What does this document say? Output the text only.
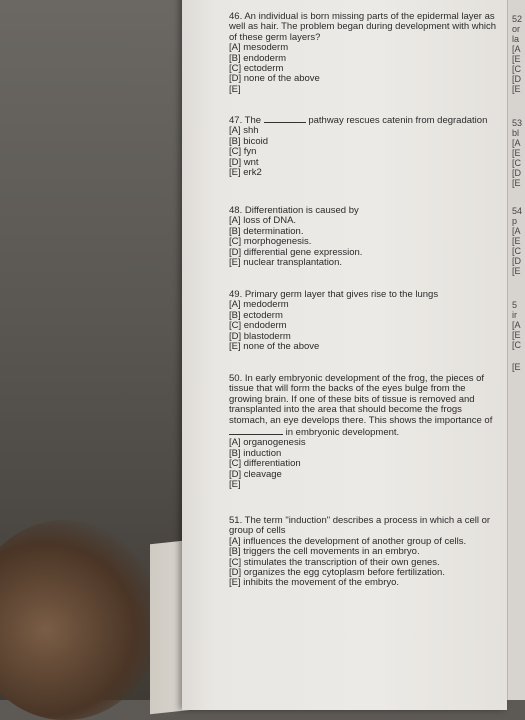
52
or
la
[A
[E
[C
[D
[E
53
bl
[A
[E
[C
[D
[E
54
p
[A
[E
[C
[D
[E
5
ir
[A
[E
[C
[E
46. An individual is born missing parts of the epidermal layer as well as hair. The problem began during development with which of these germ layers?
[A] mesoderm
[B] endoderm
[C] ectoderm
[D] none of the above
[E]
47. The	pathway rescues catenin from degradation
[A] shh
[B] bicoid
[C] fyn
[D] wnt
[E] erk2
48. Differentiation is caused by
[A] loss of DNA.
[B] determination.
[C] morphogenesis.
[D] differential gene expression.
[E] nuclear transplantation.
49. Primary germ layer that gives rise to the lungs
[A] medoderm
[B] ectoderm
[C] endoderm
[D] blastoderm
[E] none of the above
50. In early embryonic development of the frog, the pieces of tissue that will form the backs of the eyes bulge from the growing brain. If one of these bits of tissue is removed and transplanted into the area that should become the frogs stomach, an eye develops there. This shows the importance of in embryonic development.
[A] organogenesis
[B] induction
[C] differentiation
[D] cleavage
[E]
51. The term "induction" describes a process in which a cell or group of cells
[A] influences the development of another group of cells.
[B] triggers the cell movements in an embryo.
[C] stimulates the transcription of their own genes.
[D] organizes the egg cytoplasm before fertilization.
[E] inhibits the movement of the embryo.
